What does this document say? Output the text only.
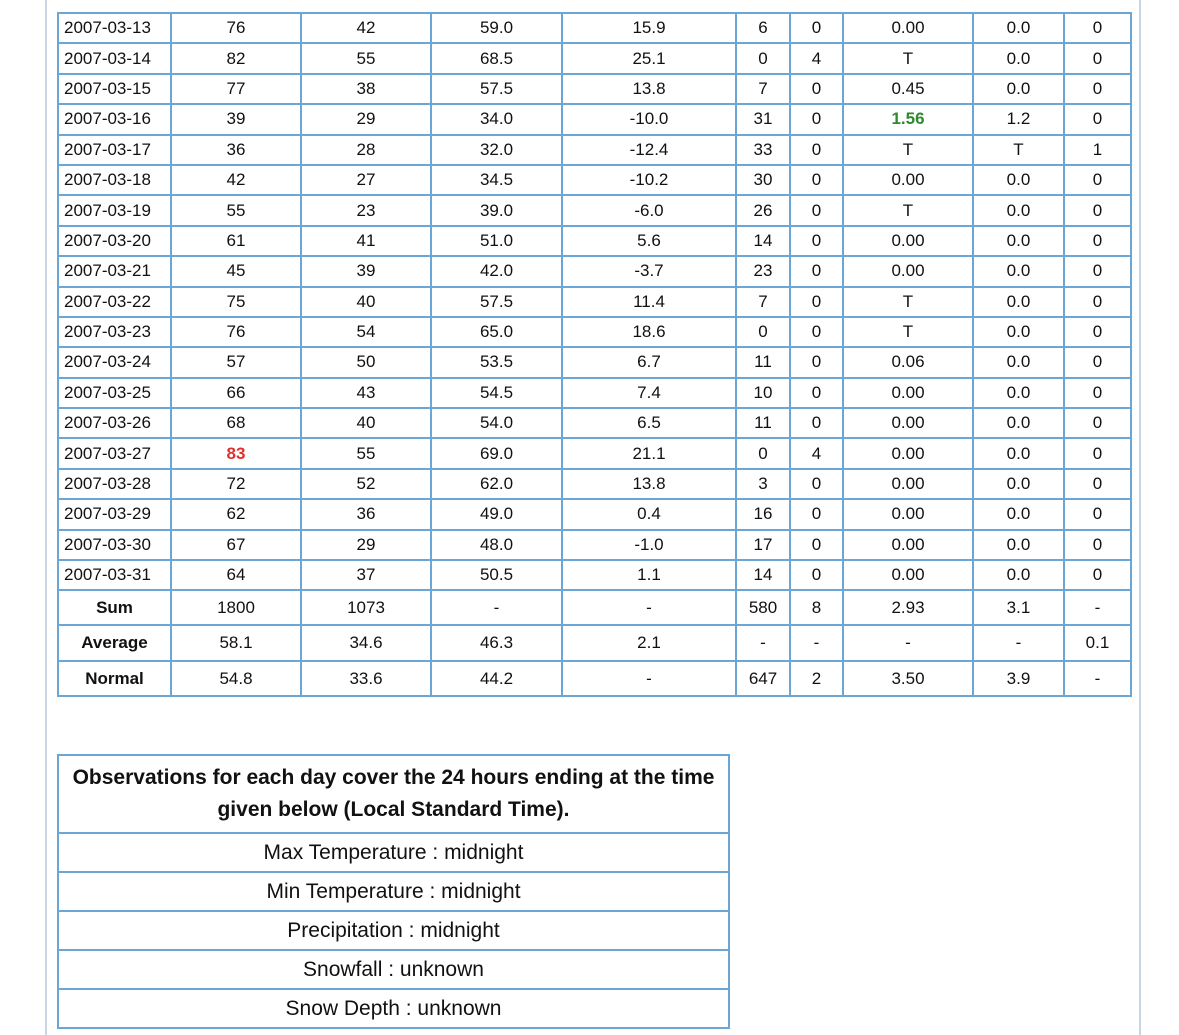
2007-03-13	76	42	59.0	15.9	6	0	0.00	0.0	0
2007-03-14	82	55	68.5	25.1	0	4	T	0.0	0
2007-03-15	77	38	57.5	13.8	7	0	0.45	0.0	0
2007-03-16	39	29	34.0	-10.0	31	0	1.56	1.2	0
2007-03-17	36	28	32.0	-12.4	33	0	T	T	1
2007-03-18	42	27	34.5	-10.2	30	0	0.00	0.0	0
2007-03-19	55	23	39.0	-6.0	26	0	T	0.0	0
2007-03-20	61	41	51.0	5.6	14	0	0.00	0.0	0
2007-03-21	45	39	42.0	-3.7	23	0	0.00	0.0	0
2007-03-22	75	40	57.5	11.4	7	0	T	0.0	0
2007-03-23	76	54	65.0	18.6	0	0	T	0.0	0
2007-03-24	57	50	53.5	6.7	11	0	0.06	0.0	0
2007-03-25	66	43	54.5	7.4	10	0	0.00	0.0	0
2007-03-26	68	40	54.0	6.5	11	0	0.00	0.0	0
2007-03-27	83	55	69.0	21.1	0	4	0.00	0.0	0
2007-03-28	72	52	62.0	13.8	3	0	0.00	0.0	0
2007-03-29	62	36	49.0	0.4	16	0	0.00	0.0	0
2007-03-30	67	29	48.0	-1.0	17	0	0.00	0.0	0
2007-03-31	64	37	50.5	1.1	14	0	0.00	0.0	0
Sum	1800	1073	-	-	580	8	2.93	3.1	-
Average	58.1	34.6	46.3	2.1	-	-	-	-	0.1
Normal	54.8	33.6	44.2	-	647	2	3.50	3.9	-
Observations for each day cover the 24 hours ending at the time given below (Local Standard Time).
Max Temperature : midnight
Min Temperature : midnight
Precipitation : midnight
Snowfall : unknown
Snow Depth : unknown
